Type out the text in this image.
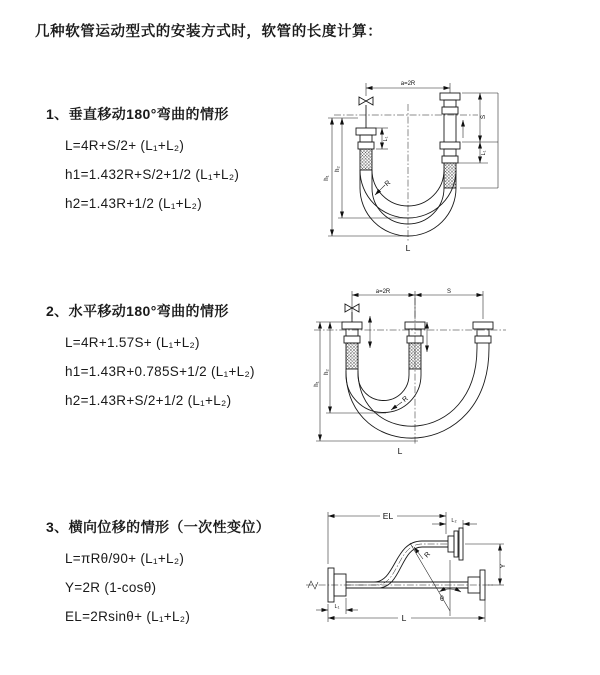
几种软管运动型式的安装方式时，软管的长度计算：
1、垂直移动180°弯曲的情形
L=4R+S/2+ (L₁+L₂)
h1=1.432R+S/2+1/2 (L₁+L₂)
h2=1.43R+1/2 (L₁+L₂)
2、水平移动180°弯曲的情形
L=4R+1.57S+ (L₁+L₂)
h1=1.43R+0.785S+1/2 (L₁+L₂)
h2=1.43R+S/2+1/2 (L₁+L₂)
3、横向位移的情形（一次性变位）
L=πRθ/90+ (L₁+L₂)
Y=2R (1-cosθ)
EL=2Rsinθ+ (L₁+L₂)
a=2R
h₁
h₂
L₁
S
L₁
R
L
a=2R	S
h₁
h₂
R
L
EL	L₂
Y
L
L₁
R
θ
